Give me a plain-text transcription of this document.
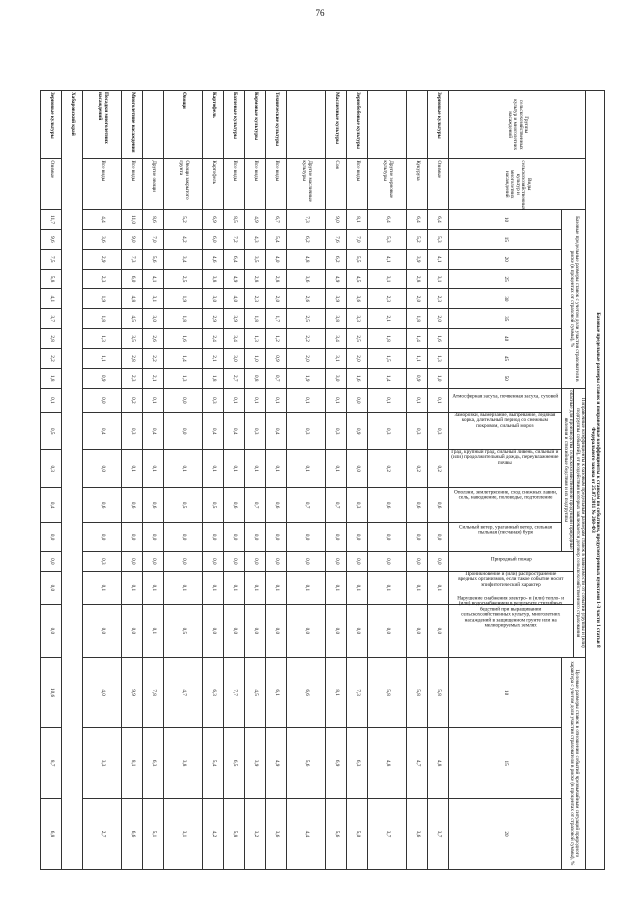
76
Базовые предельные размеры ставок и поправочные коэффициенты к ставкам по событиям, предусмотренных пунктами 1-3 части 1 статьи 8
Федерального закона от 25.07.2011 № 260-ФЗ																					
Группы сельскохозяйственных культур и многолетних насаждений	Виды сельскохозяйственных культур и многолетних насаждений	Базовые предельные размеры ставок с учетом доли участия страхователя в риске (в процентах от страховой суммы), %									Поправочные коэффициенты к базовым предельным размерам ставок в зависимости от событий (группы и (или) подгруппы событий), от воздействия которых заключается договор сельскохозяйственного страхования								Целевые размеры ставок в отношении событий чрезвычайным ситуаций природного характера с учетом доли участия страхователя в риске (в процентах от страховой суммы), %		
											опасные для производства сельскохозяйственной продукции природные явления и стихийные бедствия и их подгруппы					Природный пожар	Проникновение и (или) распространение вредных организмов, если такое событие носит эпифитотический характер	Нарушение снабжения электро- и (или) тепло- и (или) водоснабжением в результате стихийных бедствий при выращивании сельскохозяйственных культур, многолетних насаждений в защищенном грунте или на мелиорируемых землях			

		10	15	20	25	30	35	40	45	50	Атмосферная засуха, почвенная засуха, суховей	Заморозки, вымерзание, выпревание, ледяная корка, длительный период со снежным покровом, сильный мороз	Град, крупный град, сильный ливень, сильный и (или) продолжительный дождь, переувлажнение почвы	Оползни, землетрясение, сход снежных лавин, сель, наводнение, половодье, подтопление	Сильный ветер, ураганный ветер, сильная пыльная (песчаная) буря				10	15	20
Зерновые культуры	Озимые	6,4	5,3	4,1	3,1	2,3	2,0	1,6	1,3	1,0	0,1	0,3	0,2	0,6	0,0	0,0	0,1	0,0	5,8	4,8	3,7
	Кукуруза	6,4	5,2	3,9	2,8	2,0	1,8	1,4	1,1	0,9	0,1	0,3	0,2	0,6	0,0	0,0	0,1	0,0	5,8	4,7	3,6
	Другие зерновые культуры	6,4	5,3	4,1	3,1	2,3	2,1	1,8	1,5	1,4	0,1	0,3	0,2	0,6	0,0	0,0	0,1	0,0	5,8	4,8	3,7
Зернобобовые культуры	Все виды	8,1	7,0	5,5	4,5	3,6	3,3	2,5	2,0	1,6	0,0	0,9	0,0	0,3	0,0	0,0	0,1	0,0	7,3	6,3	5,0
Масличные культуры	Соя	9,0	7,6	6,2	4,9	3,9	3,8	3,4	3,1	3,0	0,1	0,3	0,1	0,7	0,0	0,0	0,1	0,0	8,1	6,9	5,6
	Другие масличные культуры	7,3	6,2	4,8	3,6	2,6	2,5	2,2	2,0	1,9	0,1	0,3	0,1	0,7	0,0	0,0	0,1	0,0	6,6	5,6	4,4
Технические культуры	Все виды	6,7	5,4	4,0	2,8	2,0	1,7	1,2	0,9	0,7	0,1	0,4	0,1	0,6	0,0	0,0	0,1	0,0	6,1	4,9	3,6
Кормовые культуры	Все виды	4,9	4,3	3,5	2,8	2,3	1,8	1,3	1,0	0,8	0,1	0,3	0,1	0,7	0,0	0,0	0,1	0,0	4,5	3,9	3,2
Бахчевые культуры	Все виды	8,5	7,2	6,4	4,9	4,0	3,9	3,4	3,0	2,7	0,1	0,4	0,1	0,6	0,0	0,0	0,1	0,0	7,7	6,5	5,8
Картофель	Картофель	6,9	6,0	4,6	3,8	3,0	2,9	2,4	2,1	1,8	0,3	0,4	0,1	0,5	0,0	0,0	0,1	0,0	6,3	5,4	4,2
Овощи	Овощи закрытого грунта	5,2	4,2	3,4	2,5	1,9	1,8	1,6	1,4	1,3	0,0	0,0	0,1	0,5	0,0	0,0	0,1	0,5	4,7	3,8	3,1
	Другие овощи	8,6	7,0	5,6	4,1	3,1	3,0	2,6	2,2	2,1	0,1	0,4	0,1	0,6	0,0	0,0	0,1	0,1	7,8	6,3	5,1
Многолетние насаждения	Все виды	11,0	9,0	7,3	6,0	4,8	4,5	3,5	2,8	2,3	0,2	0,3	0,1	0,6	0,0	0,0	0,1	0,0	9,9	8,1	6,6
Посадки многолетних насаждений	Все виды	4,4	3,6	2,9	2,3	1,9	1,8	1,3	1,1	0,9	0,0	0,4	0,0	0,6	0,0	0,3	0,1	0,0	4,0	3,3	2,7
Хабаровский край																					
Зерновые культуры	Озимые	11,7	9,6	7,5	5,8	4,1	3,7	2,8	2,2	1,8	0,1	0,5	0,3	0,4	0,0	0,0	0,0	0,0	10,6	8,7	6,8
